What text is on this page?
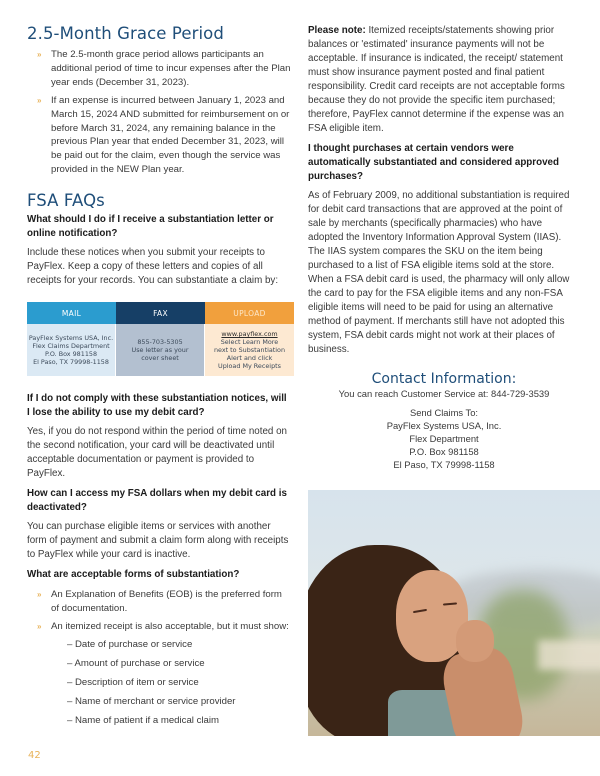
2.5-Month Grace Period
» The 2.5-month grace period allows participants an additional period of time to incur expenses after the Plan year ends (December 31, 2023).
» If an expense is incurred between January 1, 2023 and March 15, 2024 AND submitted for reimbursement on or before March 31, 2024, any remaining balance in the previous Plan year that ended December 31, 2023, will be paid out for the claim, even though the service was provided in the NEW Plan year.
FSA FAQs
What should I do if I receive a substantiation letter or online notification?
Include these notices when you submit your receipts to PayFlex. Keep a copy of these letters and copies of all receipts for your records. You can substantiate a claim by:
MAIL	FAX	UPLOAD
PayFlex Systems USA, Inc.
Flex Claims Department
P.O. Box 981158
El Paso, TX 79998-1158
855-703-5305
Use letter as your
cover sheet
www.payflex.com
Select Learn More
next to Substantiation
Alert and click
Upload My Receipts
If I do not comply with these substantiation notices, will I lose the ability to use my debit card?
Yes, if you do not respond within the period of time noted on the second notification, your card will be deactivated until acceptable documentation or payment is provided to PayFlex.
How can I access my FSA dollars when my debit card is deactivated?
You can purchase eligible items or services with another form of payment and submit a claim form along with receipts to PayFlex while your card is inactive.
What are acceptable forms of substantiation?
» An Explanation of Benefits (EOB) is the preferred form of documentation.
» An itemized receipt is also acceptable, but it must show:
– Date of purchase or service
– Amount of purchase or service
– Description of item or service
– Name of merchant or service provider
– Name of patient if a medical claim
Please note: Itemized receipts/statements showing prior balances or 'estimated' insurance payments will not be acceptable. If insurance is indicated, the receipt/ statement must show insurance payment posted and final patient responsibility. Credit card receipts are not acceptable forms because they do not provide the specific item purchased; therefore, PayFlex cannot determine if the expense was an FSA eligible item.
I thought purchases at certain vendors were automatically substantiated and considered approved purchases?
As of February 2009, no additional substantiation is required for debit card transactions that are approved at the point of sale by merchants (specifically pharmacies) who have adopted the Inventory Information Approval System (IIAS). The IIAS system compares the SKU on the item being purchased to a list of FSA eligible items sold at the store. When a FSA debit card is used, the pharmacy will only allow the card to pay for the FSA eligible items and any non-FSA eligible items will need to be paid for using an alternative method of payment. If merchants still have not adopted this system, FSA debit cards might not work at their places of business.
Contact Information:
You can reach Customer Service at: 844-729-3539
Send Claims To:
PayFlex Systems USA, Inc.
Flex Department
P.O. Box 981158
El Paso, TX 79998-1158
42
